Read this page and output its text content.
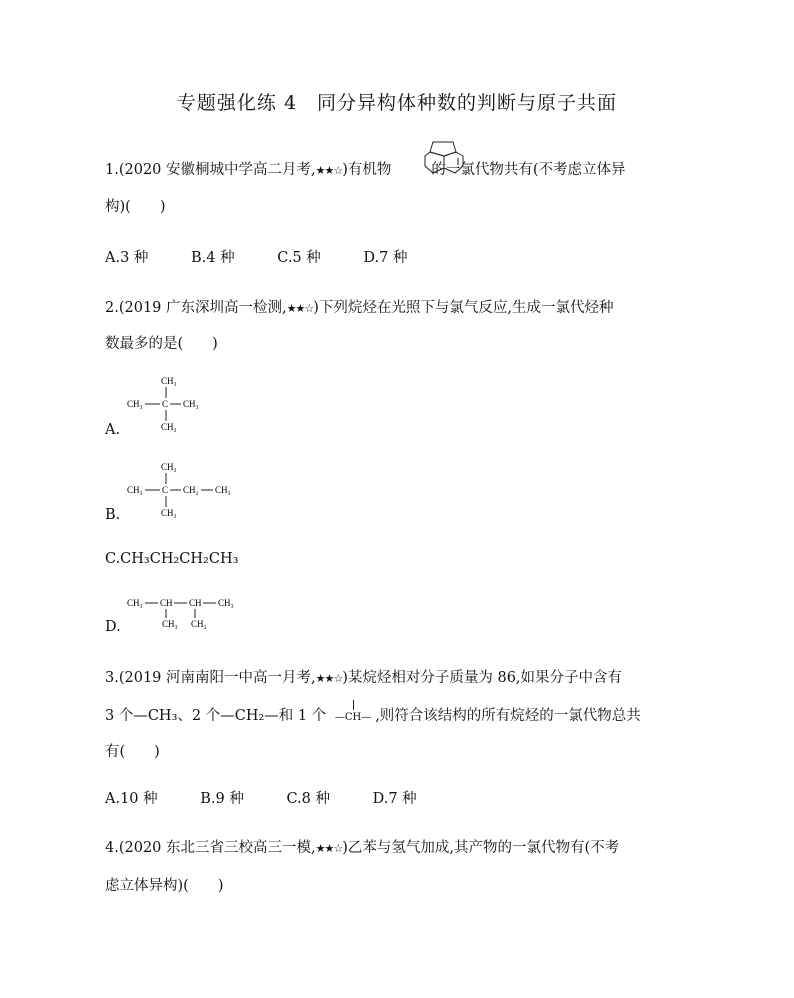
专题强化练 4　同分异构体种数的判断与原子共面
1.(2020 安徽桐城中学高二月考,★★☆)有机物	的一氯代物共有(不考虑立体异
构)(　　)
A.3 种	B.4 种	C.5 种	D.7 种
2.(2019 广东深圳高一检测,★★☆)下列烷烃在光照下与氯气反应,生成一氯代烃种
数最多的是(　　)
CH₃
CH₃ C CH₃
CH₃
A.
CH₃
CH₃ C CH₂ CH₃
CH₃
B.
C.CH₃CH₂CH₂CH₃
CH₃ CH CH CH₃
CH₃ CH₃
D.
3.(2019 河南南阳一中高一月考,★★☆)某烷烃相对分子质量为 86,如果分子中含有
3 个—CH₃、2 个—CH₂—和 1 个 —CH— ,则符合该结构的所有烷烃的一氯代物总共
有(　　)
A.10 种	B.9 种	C.8 种	D.7 种
4.(2020 东北三省三校高三一模,★★☆)乙苯与氢气加成,其产物的一氯代物有(不考
虑立体异构)(　　)
